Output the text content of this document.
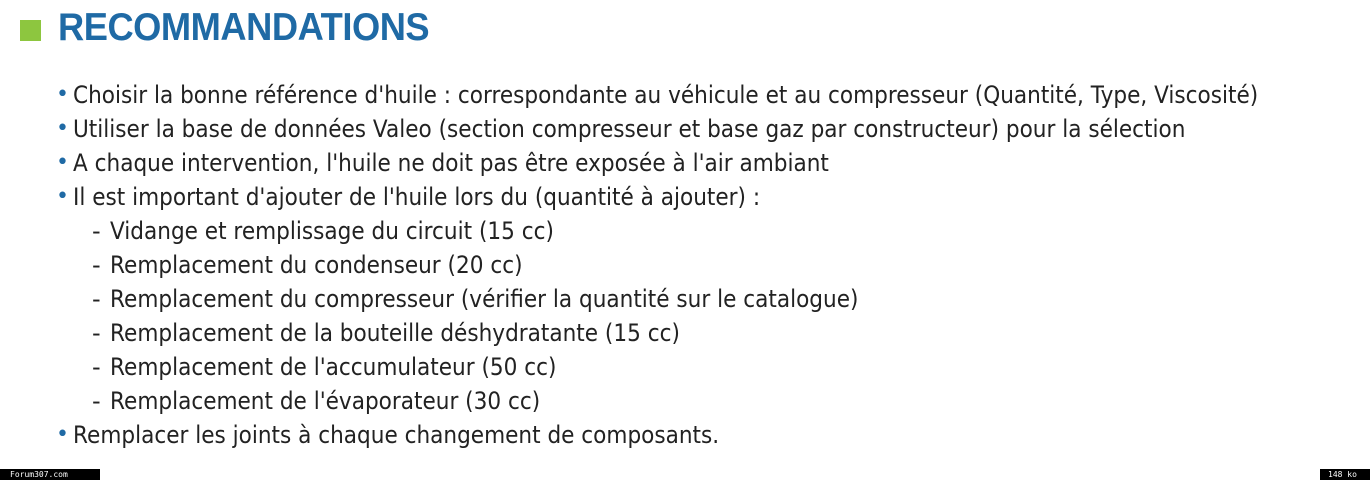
RECOMMANDATIONS
• Choisir la bonne référence d'huile : correspondante au véhicule et au compresseur (Quantité, Type, Viscosité)
• Utiliser la base de données Valeo (section compresseur et base gaz par constructeur) pour la sélection
• A chaque intervention, l'huile ne doit pas être exposée à l'air ambiant
• Il est important d'ajouter de l'huile lors du (quantité à ajouter) :
- Vidange et remplissage du circuit (15 cc)
- Remplacement du condenseur (20 cc)
- Remplacement du compresseur (vérifier la quantité sur le catalogue)
- Remplacement de la bouteille déshydratante (15 cc)
- Remplacement de l'accumulateur (50 cc)
- Remplacement de l'évaporateur (30 cc)
• Remplacer les joints à chaque changement de composants.
Forum307.com	148 ko
